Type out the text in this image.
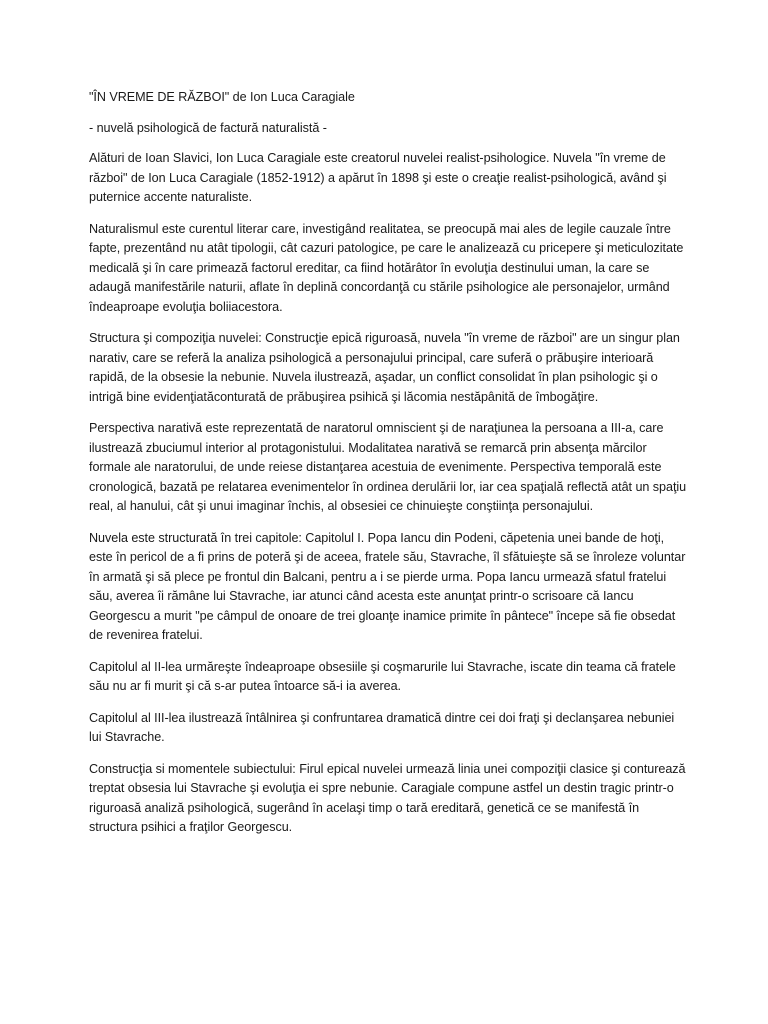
"ÎN VREME DE RĂZBOI" de Ion Luca Caragiale

- nuvelă psihologică de factură naturalistă -

Alături de Ioan Slavici, Ion Luca Caragiale este creatorul nuvelei realist-psihologice. Nuvela "în vreme de război" de Ion Luca Caragiale (1852-1912) a apărut în 1898 şi este o creaţie realist-psihologică, având şi puternice accente naturaliste.

Naturalismul este curentul literar care, investigând realitatea, se preocupă mai ales de legile cauzale între fapte, prezentând nu atât tipologii, cât cazuri patologice, pe care le analizează cu pricepere şi meticulozitate medicală şi în care primează factorul ereditar, ca fiind hotărâtor în evoluţia destinului uman, la care se adaugă manifestările naturii, aflate în deplină concordanţă cu stările psihologice ale personajelor, urmând îndeaproape evoluţia boliiacestora.

Structura şi compoziţia nuvelei: Construcţie epică riguroasă, nuvela "în vreme de război" are un singur plan narativ, care se referă la analiza psihologică a personajului principal, care suferă o prăbuşire interioară rapidă, de la obsesie la nebunie. Nuvela ilustrează, aşadar, un conflict consolidat în plan psihologic şi o intrigă bine evidenţiatăconturată de prăbuşirea psihică şi lăcomia nestăpânită de îmbogăţire.

Perspectiva narativă este reprezentată de naratorul omniscient şi de naraţiunea la persoana a III-a, care ilustrează zbuciumul interior al protagonistului. Modalitatea narativă se remarcă prin absenţa mărcilor formale ale naratorului, de unde reiese distanţarea acestuia de evenimente. Perspectiva temporală este cronologică, bazată pe relatarea evenimentelor în ordinea derulării lor, iar cea spaţială reflectă atât un spaţiu real, al hanului, cât şi unui imaginar închis, al obsesiei ce chinuieşte conştiinţa personajului.

Nuvela este structurată în trei capitole: Capitolul I. Popa Iancu din Podeni, căpetenia unei bande de hoţi, este în pericol de a fi prins de poteră şi de aceea, fratele său, Stavrache, îl sfătuieşte să se înroleze voluntar în armată şi să plece pe frontul din Balcani, pentru a i se pierde urma. Popa Iancu urmează sfatul fratelui său, averea îi rămâne lui Stavrache, iar atunci când acesta este anunţat printr-o scrisoare că Iancu Georgescu a murit "pe câmpul de onoare de trei gloanţe inamice primite în pântece" începe să fie obsedat de revenirea fratelui.

Capitolul al II-lea urmăreşte îndeaproape obsesiile şi coşmarurile lui Stavrache, iscate din teama că fratele său nu ar fi murit şi că s-ar putea întoarce să-i ia averea.

Capitolul al III-lea ilustrează întâlnirea şi confruntarea dramatică dintre cei doi fraţi şi declanşarea nebuniei lui Stavrache.

Construcţia si momentele subiectului: Firul epical nuvelei urmează linia unei compoziţii clasice şi conturează treptat obsesia lui Stavrache şi evoluţia ei spre nebunie. Caragiale compune astfel un destin tragic printr-o riguroasă analiză psihologică, sugerând în acelaşi timp o tară ereditară, genetică ce se manifestă în structura psihici a fraţilor Georgescu.
